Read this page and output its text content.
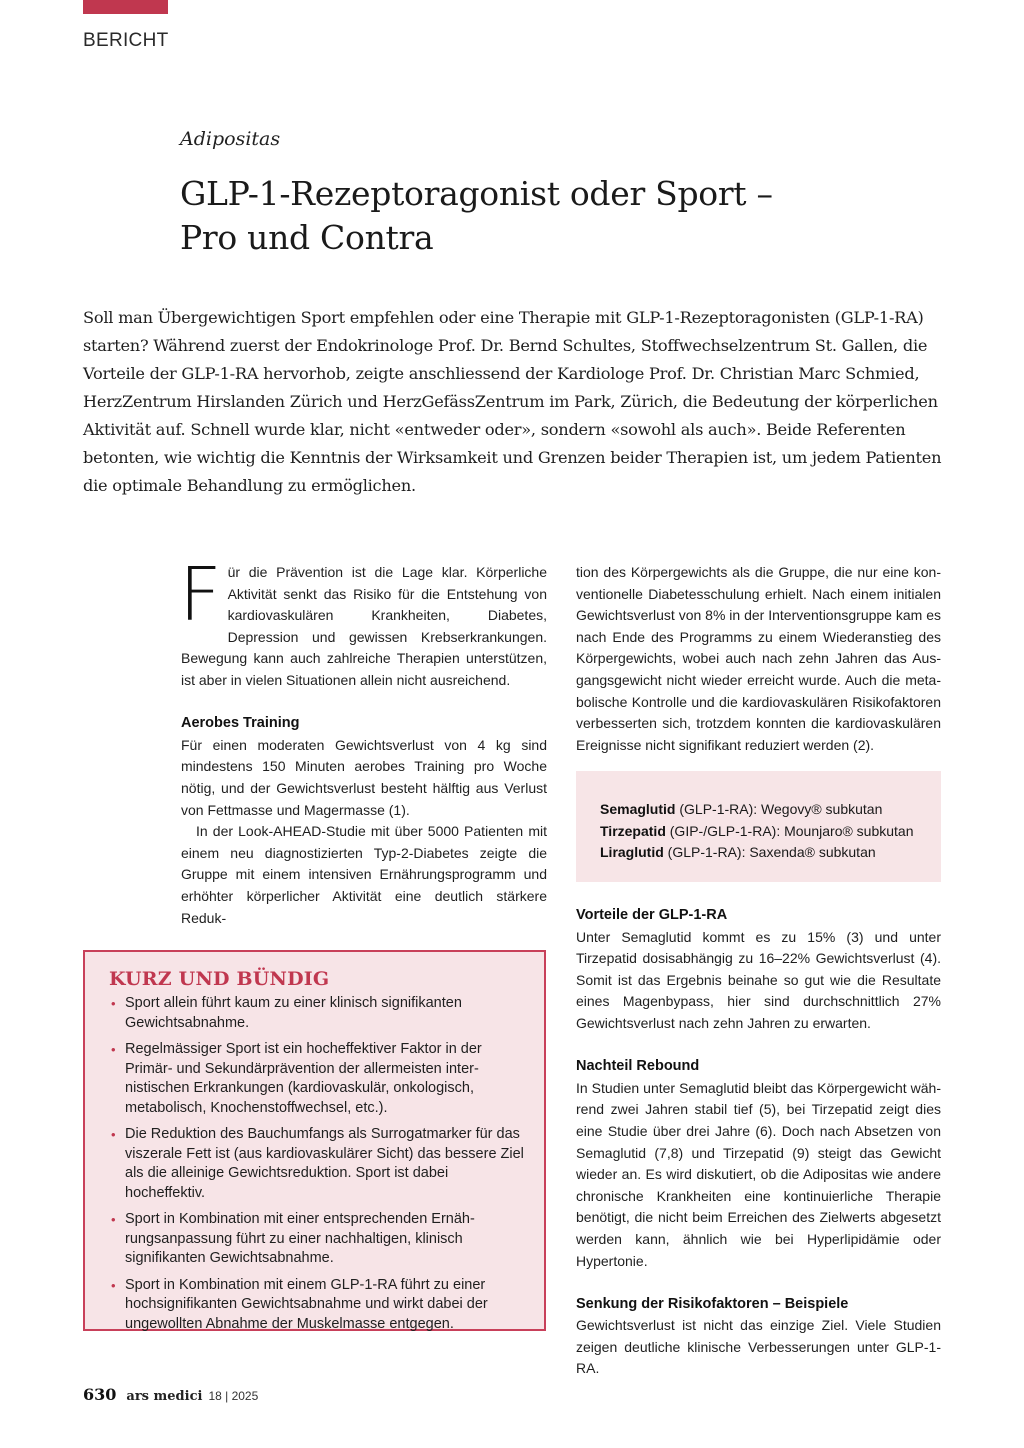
BERICHT
Adipositas
GLP-1-Rezeptoragonist oder Sport –
Pro und Contra

Soll man Übergewichtigen Sport empfehlen oder eine Therapie mit GLP-1-Rezeptoragonisten (GLP-1-RA) starten? Während zuerst der Endokrinologe Prof. Dr. Bernd Schultes, Stoffwechselzentrum St. Gallen, die Vorteile der GLP-1-RA hervorhob, zeigte anschliessend der Kardiologe Prof. Dr. Christian Marc Schmied, HerzZentrum Hirslanden Zürich und HerzGefässZentrum im Park, Zürich, die Bedeutung der körperlichen Aktivität auf. Schnell wurde klar, nicht «entweder oder», sondern «sowohl als auch». Beide Referenten betonten, wie wichtig die Kenntnis der Wirksamkeit und Grenzen beider Therapien ist, um jedem Patienten die optimale Behandlung zu ermöglichen.

Für die Prävention ist die Lage klar. Körperliche Aktivität senkt das Risiko für die Entstehung von kardiovaskulären Krankheiten, Diabetes, Depression und gewissen Krebserkrankungen. Bewegung kann auch zahlreiche Therapien unterstützen, ist aber in vielen Situationen allein nicht ausreichend.

Aerobes Training

Für einen moderaten Gewichtsverlust von 4 kg sind mindestens 150 Minuten aerobes Training pro Woche nötig, und der Gewichtsverlust besteht hälftig aus Verlust von Fettmasse und Magermasse (1).

In der Look-AHEAD-Studie mit über 5000 Patienten mit einem neu diagnostizierten Typ-2-Diabetes zeigte die Gruppe mit einem intensiven Ernährungsprogramm und erhöhter körperlicher Aktivität eine deutlich stärkere Reduk-

KURZ UND BÜNDIG
• Sport allein führt kaum zu einer klinisch signifikanten Gewichtsabnahme.
• Regelmässiger Sport ist ein hocheffektiver Faktor in der Primär- und Sekundärprävention der allermeisten internistischen Erkrankungen (kardiovaskulär, onkologisch, metabolisch, Knochenstoffwechsel, etc.).
• Die Reduktion des Bauchumfangs als Surrogatmarker für das viszerale Fett ist (aus kardiovaskulärer Sicht) das bessere Ziel als die alleinige Gewichtsreduktion. Sport ist dabei hocheffektiv.
• Sport in Kombination mit einer entsprechenden Ernährungsanpassung führt zu einer nachhaltigen, klinisch signifikanten Gewichtsabnahme.
• Sport in Kombination mit einem GLP-1-RA führt zu einer hochsignifikanten Gewichtsabnahme und wirkt dabei der ungewollten Abnahme der Muskelmasse entgegen.

tion des Körpergewichts als die Gruppe, die nur eine konventionelle Diabetesschulung erhielt. Nach einem initialen Gewichtsverlust von 8% in der Interventionsgruppe kam es nach Ende des Programms zu einem Wiederanstieg des Körpergewichts, wobei auch nach zehn Jahren das Ausgangsgewicht nicht wieder erreicht wurde. Auch die metabolische Kontrolle und die kardiovaskulären Risikofaktoren verbesserten sich, trotzdem konnten die kardiovaskulären Ereignisse nicht signifikant reduziert werden (2).

Semaglutid (GLP-1-RA): Wegovy® subkutan
Tirzepatid (GIP-/GLP-1-RA): Mounjaro® subkutan
Liraglutid (GLP-1-RA): Saxenda® subkutan
Vorteile der GLP-1-RA

Unter Semaglutid kommt es zu 15% (3) und unter Tirzepatid dosisabhängig zu 16–22% Gewichtsverlust (4). Somit ist das Ergebnis beinahe so gut wie die Resultate eines Magenbypass, hier sind durchschnittlich 27% Gewichtsverlust nach zehn Jahren zu erwarten.

Nachteil Rebound

In Studien unter Semaglutid bleibt das Körpergewicht während zwei Jahren stabil tief (5), bei Tirzepatid zeigt dies eine Studie über drei Jahre (6). Doch nach Absetzen von Semaglutid (7,8) und Tirzepatid (9) steigt das Gewicht wieder an. Es wird diskutiert, ob die Adipositas wie andere chronische Krankheiten eine kontinuierliche Therapie benötigt, die nicht beim Erreichen des Zielwerts abgesetzt werden kann, ähnlich wie bei Hyperlipidämie oder Hypertonie.

Senkung der Risikofaktoren – Beispiele

Gewichtsverlust ist nicht das einzige Ziel. Viele Studien zeigen deutliche klinische Verbesserungen unter GLP-1-RA.

630 ars medici 18 | 2025
